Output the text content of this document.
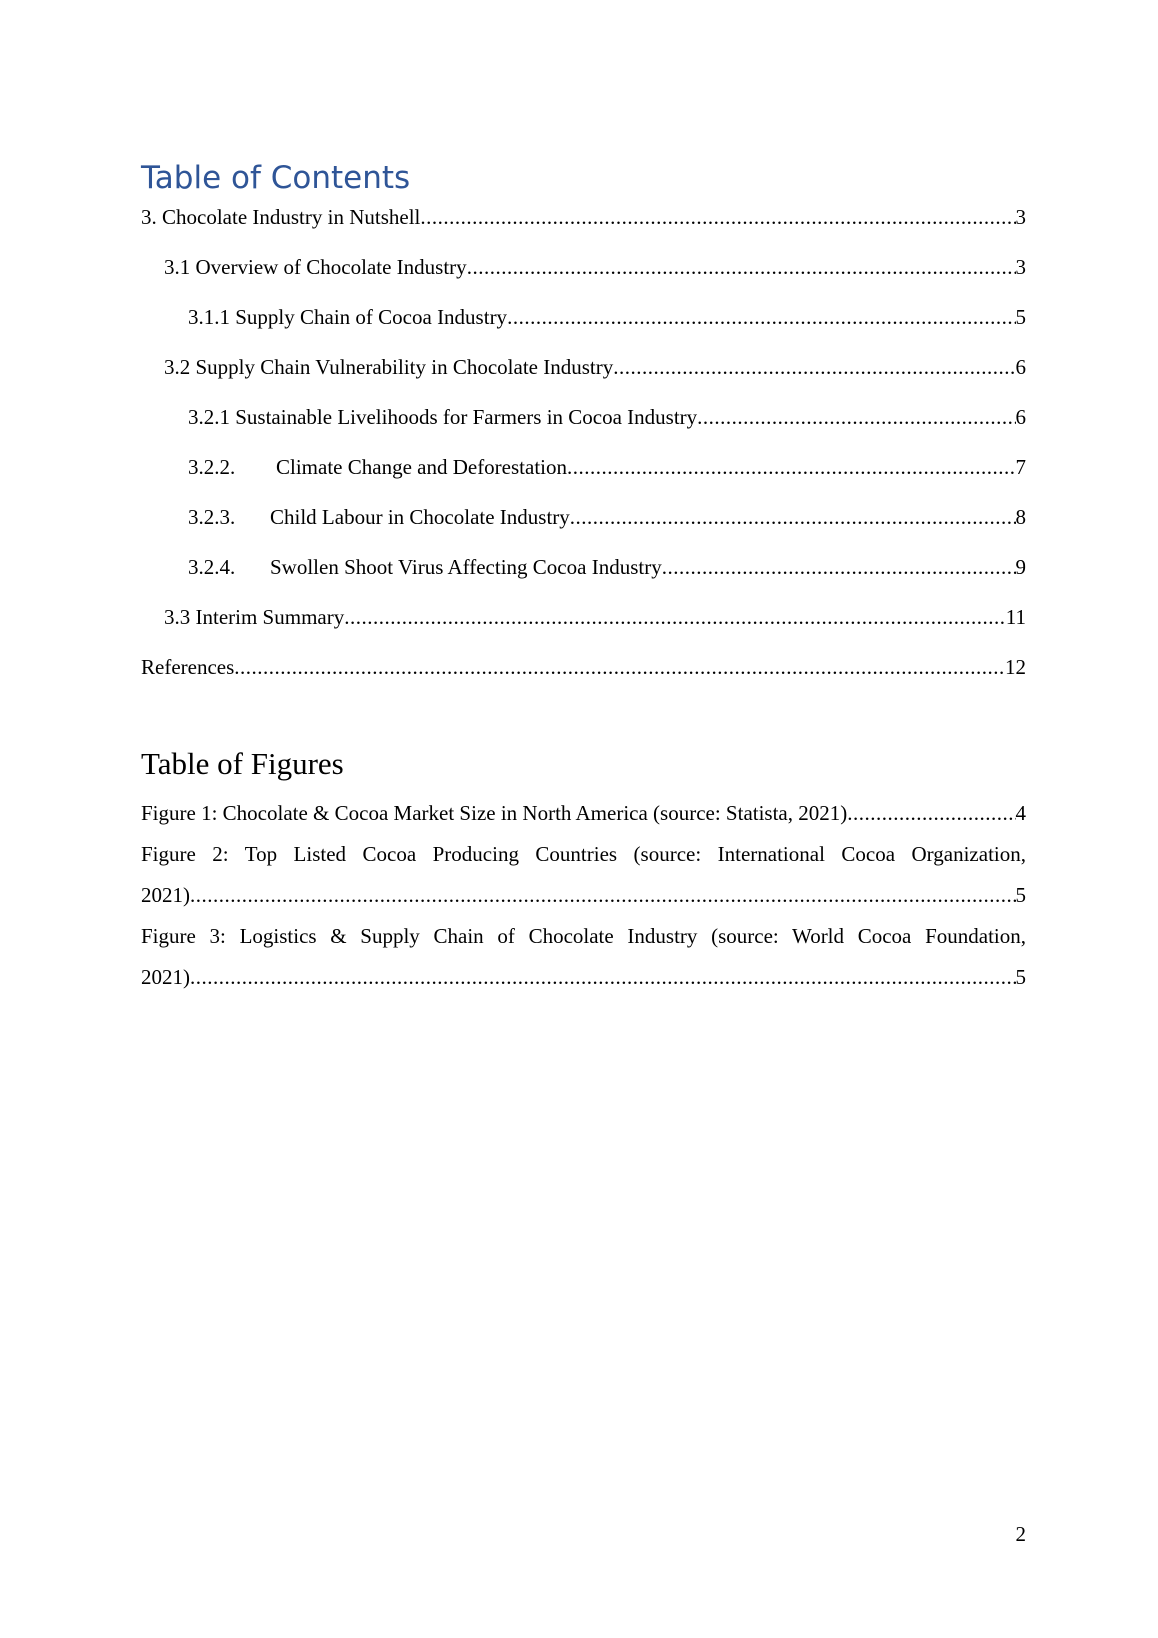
Table of Contents
3. Chocolate Industry in Nutshell .....	3
3.1 Overview of Chocolate Industry .....	3
3.1.1 Supply Chain of Cocoa Industry .....	5
3.2 Supply Chain Vulnerability in Chocolate Industry .....	6
3.2.1 Sustainable Livelihoods for Farmers in Cocoa Industry .....	6
3.2.2.	Climate Change and Deforestation .....	7
3.2.3.	Child Labour in Chocolate Industry .....	8
3.2.4.	Swollen Shoot Virus Affecting Cocoa Industry .....	9
3.3 Interim Summary .....	11
References .....	12
Table of Figures
Figure 1: Chocolate & Cocoa Market Size in North America (source: Statista, 2021) .....	4
Figure 2: Top Listed Cocoa Producing Countries (source: International Cocoa Organization,
2021) .....	5
Figure 3: Logistics & Supply Chain of Chocolate Industry (source: World Cocoa Foundation,
2021) .....	5
2
